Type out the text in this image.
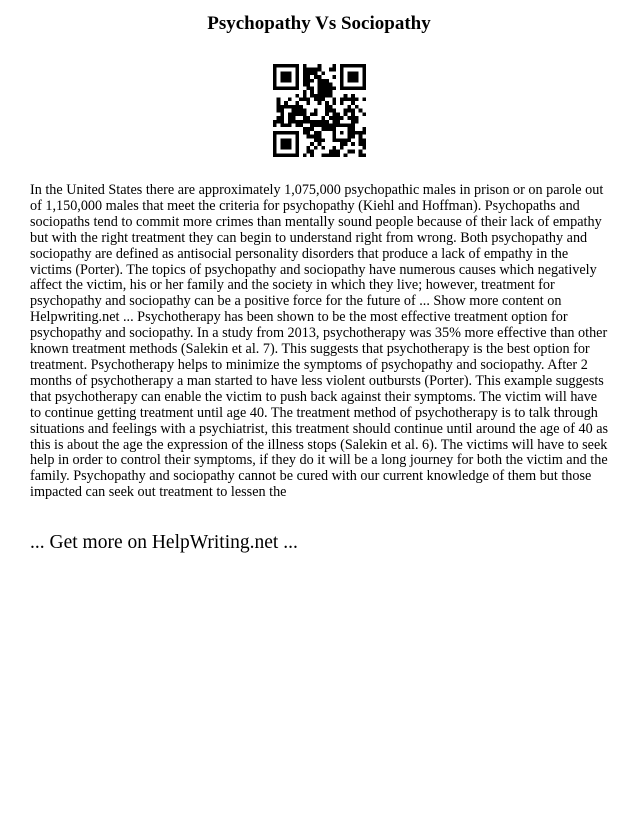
Psychopathy Vs Sociopathy

In the United States there are approximately 1,075,000 psychopathic males in prison or on parole out of 1,150,000 males that meet the criteria for psychopathy (Kiehl and Hoffman). Psychopaths and sociopaths tend to commit more crimes than mentally sound people because of their lack of empathy but with the right treatment they can begin to understand right from wrong. Both psychopathy and sociopathy are defined as antisocial personality disorders that produce a lack of empathy in the victims (Porter). The topics of psychopathy and sociopathy have numerous causes which negatively affect the victim, his or her family and the society in which they live; however, treatment for psychopathy and sociopathy can be a positive force for the future of ... Show more content on Helpwriting.net ... Psychotherapy has been shown to be the most effective treatment option for psychopathy and sociopathy. In a study from 2013, psychotherapy was 35% more effective than other known treatment methods (Salekin et al. 7). This suggests that psychotherapy is the best option for treatment. Psychotherapy helps to minimize the symptoms of psychopathy and sociopathy. After 2 months of psychotherapy a man started to have less violent outbursts (Porter). This example suggests that psychotherapy can enable the victim to push back against their symptoms. The victim will have to continue getting treatment until age 40. The treatment method of psychotherapy is to talk through situations and feelings with a psychiatrist, this treatment should continue until around the age of 40 as this is about the age the expression of the illness stops (Salekin et al. 6). The victims will have to seek help in order to control their symptoms, if they do it will be a long journey for both the victim and the family. Psychopathy and sociopathy cannot be cured with our current knowledge of them but those impacted can seek out treatment to lessen the

... Get more on HelpWriting.net ...
